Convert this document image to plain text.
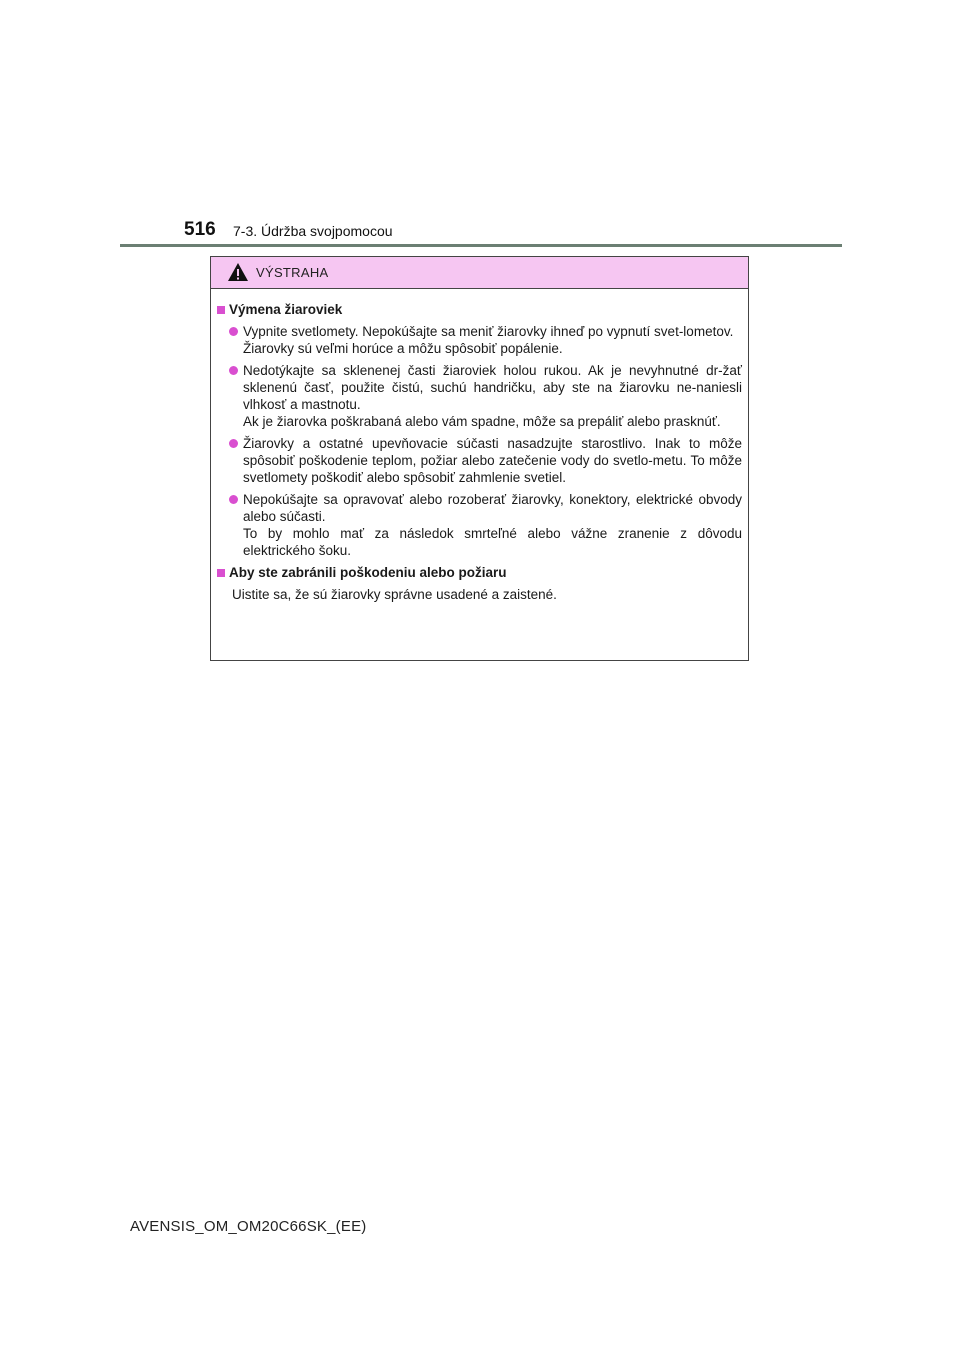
516 7-3. Údržba svojpomocou
VÝSTRAHA
Výmena žiaroviek

Vypnite svetlomety. Nepokúšajte sa meniť žiarovky ihneď po vypnutí svet-lometov.

Žiarovky sú veľmi horúce a môžu spôsobiť popálenie.

Nedotýkajte sa sklenenej časti žiaroviek holou rukou. Ak je nevyhnutné dr-žať sklenenú časť, použite čistú, suchú handričku, aby ste na žiarovku ne-naniesli vlhkosť a mastnotu.

Ak je žiarovka poškrabaná alebo vám spadne, môže sa prepáliť alebo prasknúť.

Žiarovky a ostatné upevňovacie súčasti nasadzujte starostlivo. Inak to môže spôsobiť poškodenie teplom, požiar alebo zatečenie vody do svetlo-metu. To môže svetlomety poškodiť alebo spôsobiť zahmlenie svetiel.

Nepokúšajte sa opravovať alebo rozoberať žiarovky, konektory, elektrické obvody alebo súčasti.

To by mohlo mať za následok smrteľné alebo vážne zranenie z dôvodu elektrického šoku.

Aby ste zabránili poškodeniu alebo požiaru
Uistite sa, že sú žiarovky správne usadené a zaistené.
AVENSIS_OM_OM20C66SK_(EE)
